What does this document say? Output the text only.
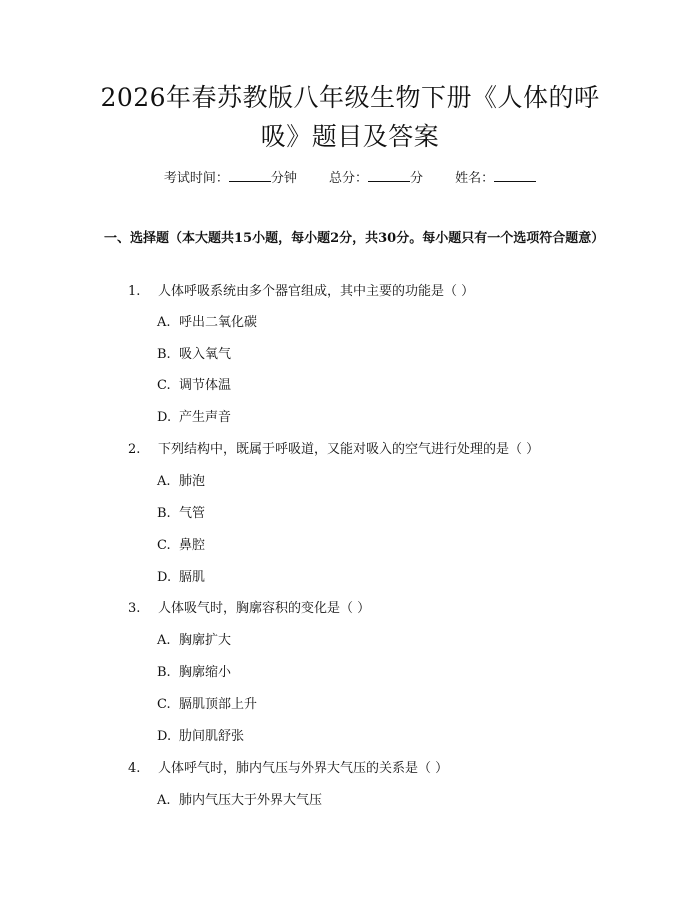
2026年春苏教版八年级生物下册《人体的呼
吸》题目及答案
考试时间：	分钟 总分：	分 姓名：
一、选择题（本大题共15小题，每小题2分，共30分。每小题只有一个选项符合题意）
1. 人体呼吸系统由多个器官组成，其中主要的功能是（ ）
A. 呼出二氧化碳
B. 吸入氧气
C. 调节体温
D. 产生声音
2. 下列结构中，既属于呼吸道，又能对吸入的空气进行处理的是（ ）
A. 肺泡
B. 气管
C. 鼻腔
D. 膈肌
3. 人体吸气时，胸廓容积的变化是（ ）
A. 胸廓扩大
B. 胸廓缩小
C. 膈肌顶部上升
D. 肋间肌舒张
4. 人体呼气时，肺内气压与外界大气压的关系是（ ）
A. 肺内气压大于外界大气压
